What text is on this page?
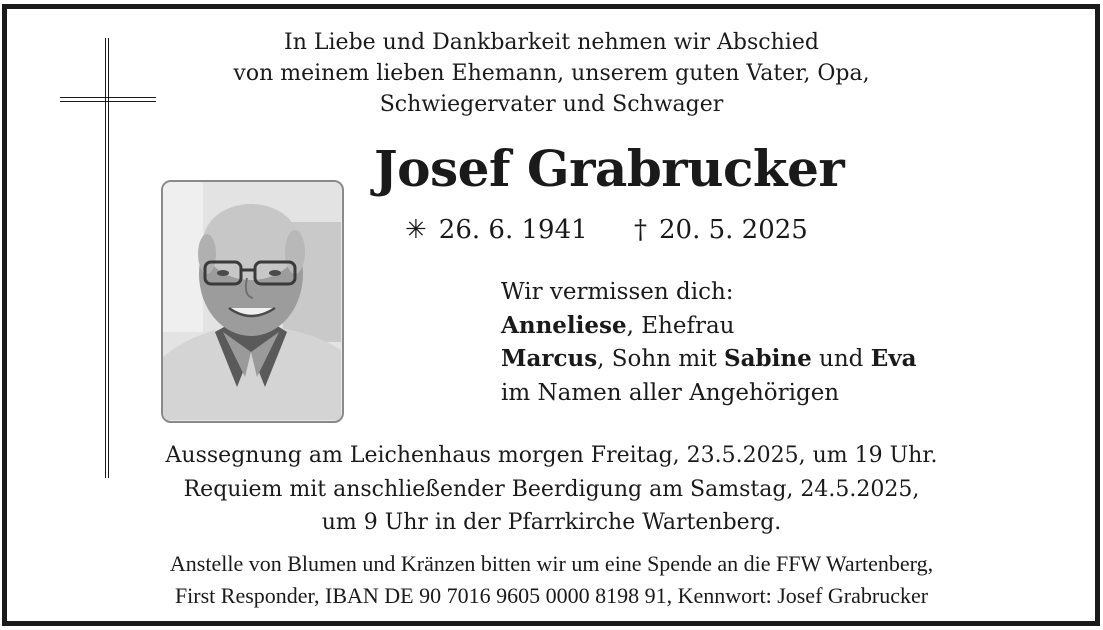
In Liebe und Dankbarkeit nehmen wir Abschied
von meinem lieben Ehemann, unserem guten Vater, Opa,
Schwiegervater und Schwager
Josef Grabrucker
✳ 26. 6. 1941 † 20. 5. 2025
Wir vermissen dich:
Anneliese, Ehefrau
Marcus, Sohn mit Sabine und Eva
im Namen aller Angehörigen
Aussegnung am Leichenhaus morgen Freitag, 23.5.2025, um 19 Uhr.
Requiem mit anschließender Beerdigung am Samstag, 24.5.2025,
um 9 Uhr in der Pfarrkirche Wartenberg.
Anstelle von Blumen und Kränzen bitten wir um eine Spende an die FFW Wartenberg,
First Responder, IBAN DE 90 7016 9605 0000 8198 91, Kennwort: Josef Grabrucker
